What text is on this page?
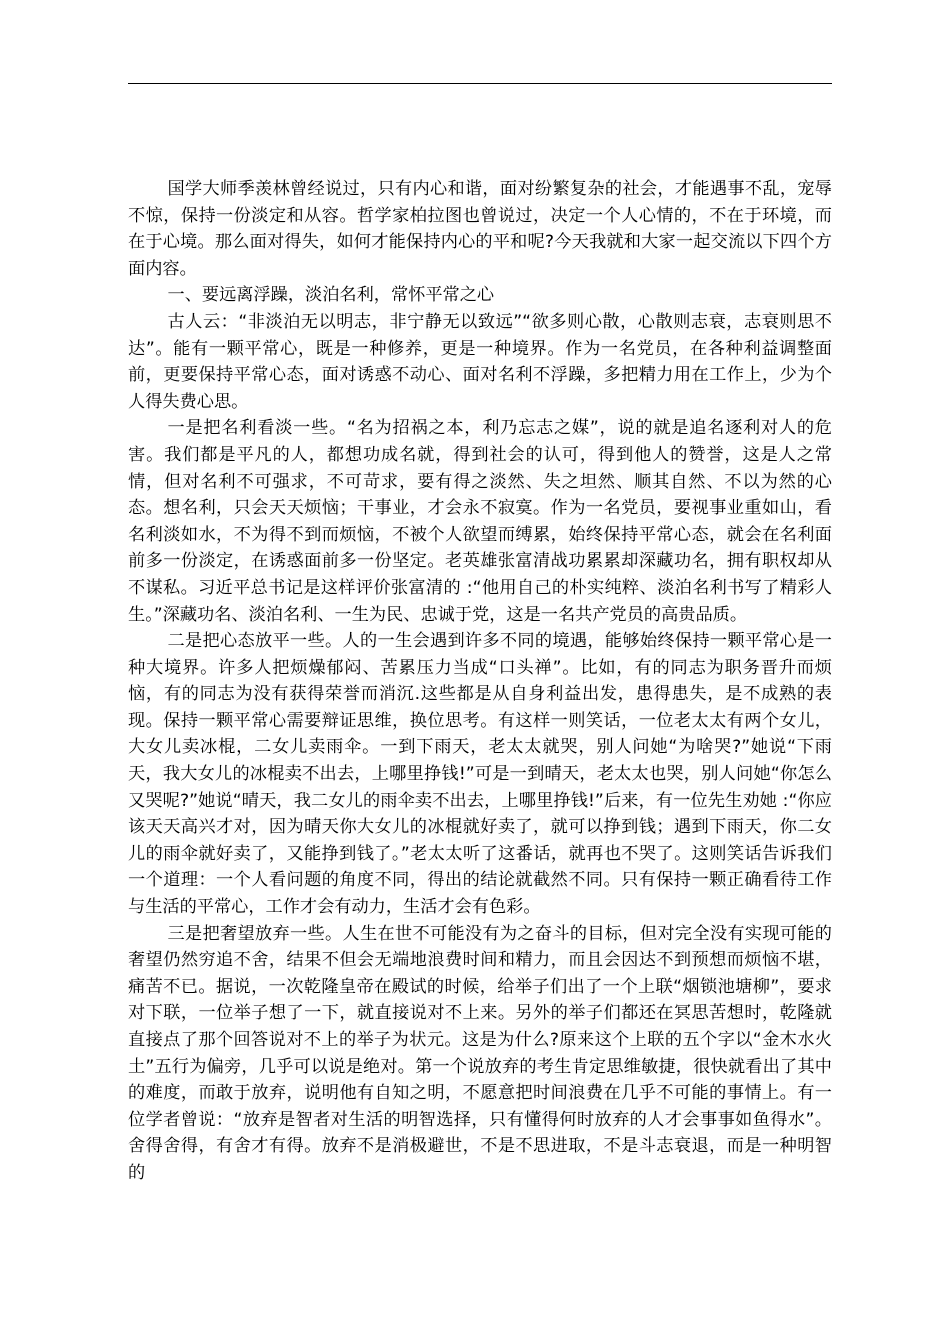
国学大师季羡林曾经说过，只有内心和谐，面对纷繁复杂的社会，才能遇事不乱，宠辱不惊，保持一份淡定和从容。哲学家柏拉图也曾说过，决定一个人心情的，不在于环境，而在于心境。那么面对得失，如何才能保持内心的平和呢?今天我就和大家一起交流以下四个方面内容。

一、要远离浮躁，淡泊名利，常怀平常之心

古人云：“非淡泊无以明志，非宁静无以致远”“欲多则心散，心散则志衰，志衰则思不达”。能有一颗平常心，既是一种修养，更是一种境界。作为一名党员，在各种利益调整面前，更要保持平常心态，面对诱惑不动心、面对名利不浮躁，多把精力用在工作上，少为个人得失费心思。

一是把名利看淡一些。“名为招祸之本，利乃忘志之媒”，说的就是追名逐利对人的危害。我们都是平凡的人，都想功成名就，得到社会的认可，得到他人的赞誉，这是人之常情，但对名利不可强求，不可苛求，要有得之淡然、失之坦然、顺其自然、不以为然的心态。想名利，只会天天烦恼；干事业，才会永不寂寞。作为一名党员，要视事业重如山，看名利淡如水，不为得不到而烦恼，不被个人欲望而缚累，始终保持平常心态，就会在名利面前多一份淡定，在诱惑面前多一份坚定。老英雄张富清战功累累却深藏功名，拥有职权却从不谋私。习近平总书记是这样评价张富清的 :“他用自己的朴实纯粹、淡泊名利书写了精彩人生。”深藏功名、淡泊名利、一生为民、忠诚于党，这是一名共产党员的高贵品质。

二是把心态放平一些。人的一生会遇到许多不同的境遇，能够始终保持一颗平常心是一种大境界。许多人把烦燥郁闷、苦累压力当成“口头禅”。比如，有的同志为职务晋升而烦恼，有的同志为没有获得荣誉而消沉.这些都是从自身利益出发，患得患失，是不成熟的表现。保持一颗平常心需要辩证思维，换位思考。有这样一则笑话，一位老太太有两个女儿，大女儿卖冰棍，二女儿卖雨伞。一到下雨天，老太太就哭，别人问她“为啥哭?”她说“下雨天，我大女儿的冰棍卖不出去，上哪里挣钱!”可是一到晴天，老太太也哭，别人问她“你怎么又哭呢?”她说“晴天，我二女儿的雨伞卖不出去，上哪里挣钱!”后来，有一位先生劝她 :“你应该天天高兴才对，因为晴天你大女儿的冰棍就好卖了，就可以挣到钱；遇到下雨天，你二女儿的雨伞就好卖了，又能挣到钱了。”老太太听了这番话，就再也不哭了。这则笑话告诉我们一个道理：一个人看问题的角度不同，得出的结论就截然不同。只有保持一颗正确看待工作与生活的平常心，工作才会有动力，生活才会有色彩。

三是把奢望放弃一些。人生在世不可能没有为之奋斗的目标，但对完全没有实现可能的奢望仍然穷追不舍，结果不但会无端地浪费时间和精力，而且会因达不到预想而烦恼不堪，痛苦不已。据说，一次乾隆皇帝在殿试的时候，给举子们出了一个上联“烟锁池塘柳”，要求对下联，一位举子想了一下，就直接说对不上来。另外的举子们都还在冥思苦想时，乾隆就直接点了那个回答说对不上的举子为状元。这是为什么?原来这个上联的五个字以“金木水火土”五行为偏旁，几乎可以说是绝对。第一个说放弃的考生肯定思维敏捷，很快就看出了其中的难度，而敢于放弃，说明他有自知之明，不愿意把时间浪费在几乎不可能的事情上。有一位学者曾说：“放弃是智者对生活的明智选择，只有懂得何时放弃的人才会事事如鱼得水”。舍得舍得，有舍才有得。放弃不是消极避世，不是不思进取，不是斗志衰退，而是一种明智的
